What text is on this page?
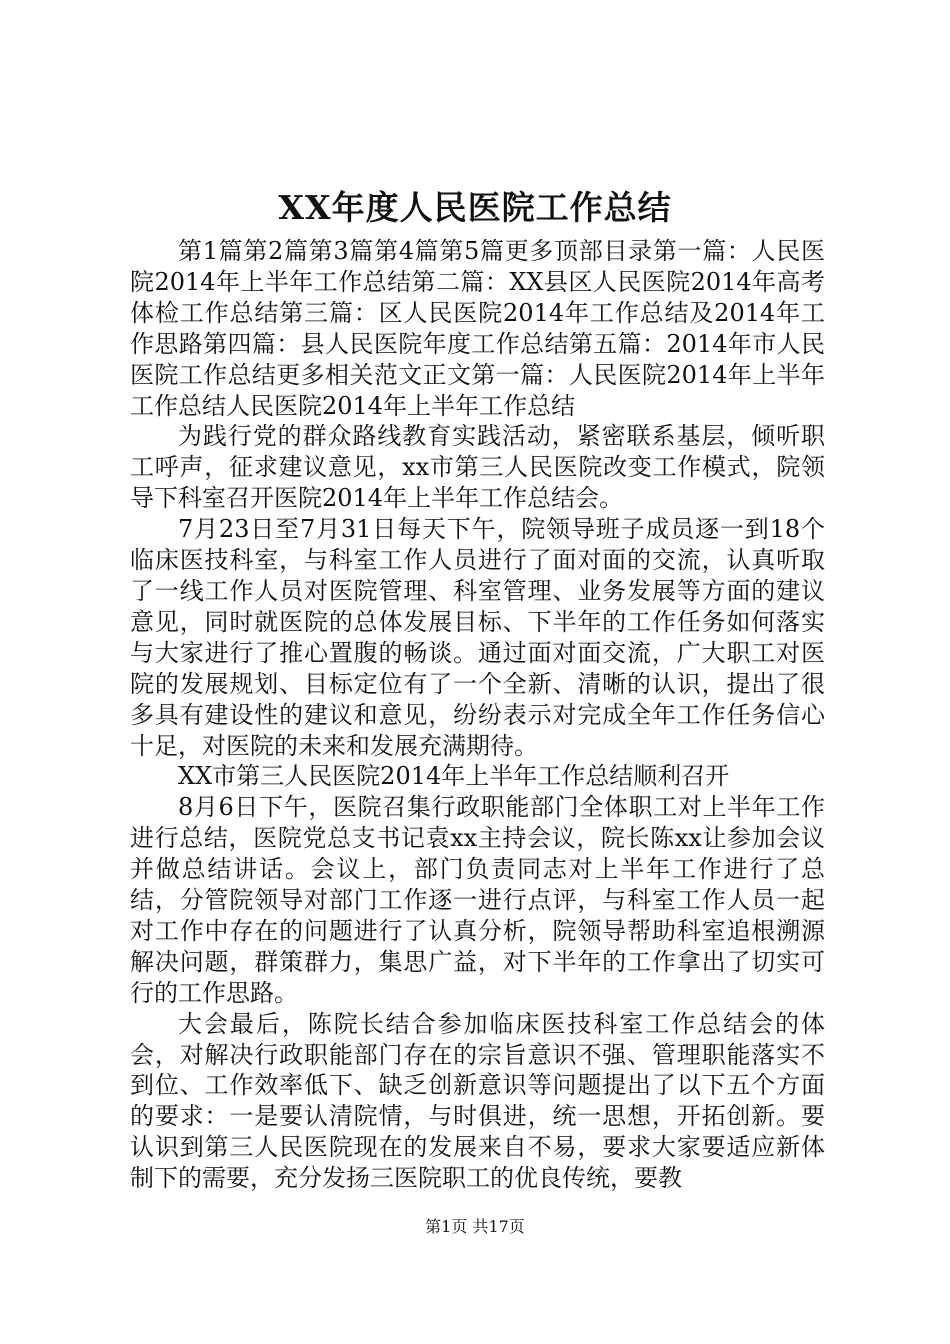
XX年度人民医院工作总结

第1篇第2篇第3篇第4篇第5篇更多顶部目录第一篇：人民医院2014年上半年工作总结第二篇：XX县区人民医院2014年高考体检工作总结第三篇：区人民医院2014年工作总结及2014年工作思路第四篇：县人民医院年度工作总结第五篇：2014年市人民医院工作总结更多相关范文正文第一篇：人民医院2014年上半年工作总结人民医院2014年上半年工作总结

为践行党的群众路线教育实践活动，紧密联系基层，倾听职工呼声，征求建议意见，xx市第三人民医院改变工作模式，院领导下科室召开医院2014年上半年工作总结会。

7月23日至7月31日每天下午，院领导班子成员逐一到18个临床医技科室，与科室工作人员进行了面对面的交流，认真听取了一线工作人员对医院管理、科室管理、业务发展等方面的建议意见，同时就医院的总体发展目标、下半年的工作任务如何落实与大家进行了推心置腹的畅谈。通过面对面交流，广大职工对医院的发展规划、目标定位有了一个全新、清晰的认识，提出了很多具有建设性的建议和意见，纷纷表示对完成全年工作任务信心十足，对医院的未来和发展充满期待。

XX市第三人民医院2014年上半年工作总结顺利召开

8月6日下午，医院召集行政职能部门全体职工对上半年工作进行总结，医院党总支书记袁xx主持会议，院长陈xx让参加会议并做总结讲话。会议上，部门负责同志对上半年工作进行了总结，分管院领导对部门工作逐一进行点评，与科室工作人员一起对工作中存在的问题进行了认真分析，院领导帮助科室追根溯源解决问题，群策群力，集思广益，对下半年的工作拿出了切实可行的工作思路。

大会最后，陈院长结合参加临床医技科室工作总结会的体会，对解决行政职能部门存在的宗旨意识不强、管理职能落实不到位、工作效率低下、缺乏创新意识等问题提出了以下五个方面的要求：一是要认清院情，与时俱进，统一思想，开拓创新。要认识到第三人民医院现在的发展来自不易，要求大家要适应新体制下的需要，充分发扬三医院职工的优良传统，要教

第1页 共17页
